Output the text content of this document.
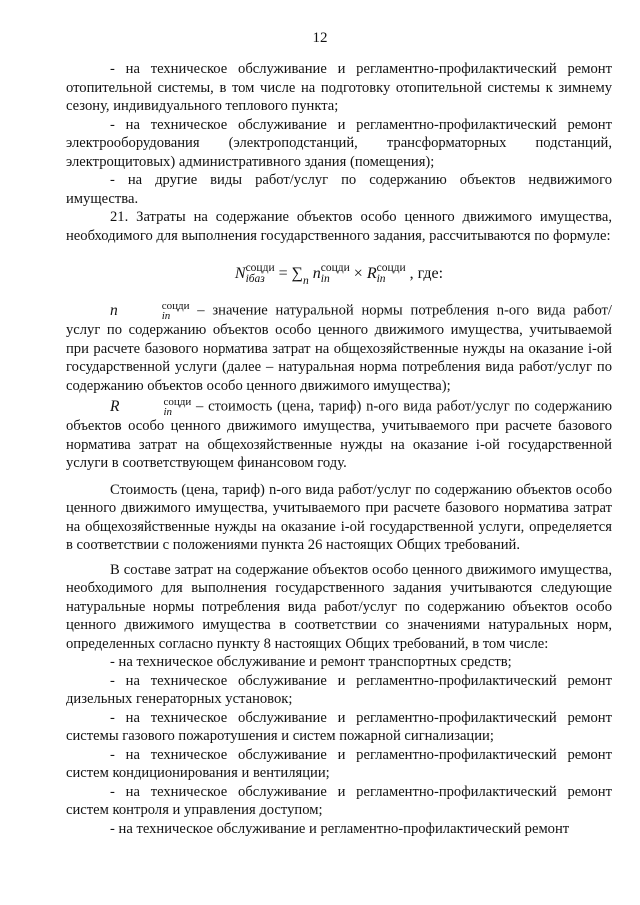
12

- на техническое обслуживание и регламентно-профилактический ремонт отопительной системы, в том числе на подготовку отопительной системы к зимнему сезону, индивидуального теплового пункта;

- на техническое обслуживание и регламентно-профилактический ремонт электрооборудования (электроподстанций, трансформаторных подстанций, электрощитовых) административного здания (помещения);

- на другие виды работ/услуг по содержанию объектов недвижимого имущества.

21. Затраты на содержание объектов особо ценного движимого имущества, необходимого для выполнения государственного задания, рассчитываются по формуле:

N соцди
iбаз = ∑ n n соцди
in	× R соцди
in	, где:

n	соцди
in	– значение натуральной нормы потребления n-ого вида работ/услуг по содержанию объектов особо ценного движимого имущества, учитываемой при расчете базового норматива затрат на общехозяйственные нужды на оказание i-ой государственной услуги (далее – натуральная норма потребления вида работ/услуг по содержанию объектов особо ценного движимого имущества);

R	соцди
in	– стоимость (цена, тариф) n-ого вида работ/услуг по содержанию объектов особо ценного движимого имущества, учитываемого при расчете базового норматива затрат на общехозяйственные нужды на оказание i-ой государственной услуги в соответствующем финансовом году.

Стоимость (цена, тариф) n-ого вида работ/услуг по содержанию объектов особо ценного движимого имущества, учитываемого при расчете базового норматива затрат на общехозяйственные нужды на оказание i-ой государственной услуги, определяется в соответствии с положениями пункта 26 настоящих Общих требований.

В составе затрат на содержание объектов особо ценного движимого имущества, необходимого для выполнения государственного задания учитываются следующие натуральные нормы потребления вида работ/услуг по содержанию объектов особо ценного движимого имущества в соответствии со значениями натуральных норм, определенных согласно пункту 8 настоящих Общих требований, в том числе:

- на техническое обслуживание и ремонт транспортных средств;

- на техническое обслуживание и регламентно-профилактический ремонт дизельных генераторных установок;

- на техническое обслуживание и регламентно-профилактический ремонт системы газового пожаротушения и систем пожарной сигнализации;

- на техническое обслуживание и регламентно-профилактический ремонт систем кондиционирования и вентиляции;

- на техническое обслуживание и регламентно-профилактический ремонт систем контроля и управления доступом;

- на техническое обслуживание и регламентно-профилактический ремонт
